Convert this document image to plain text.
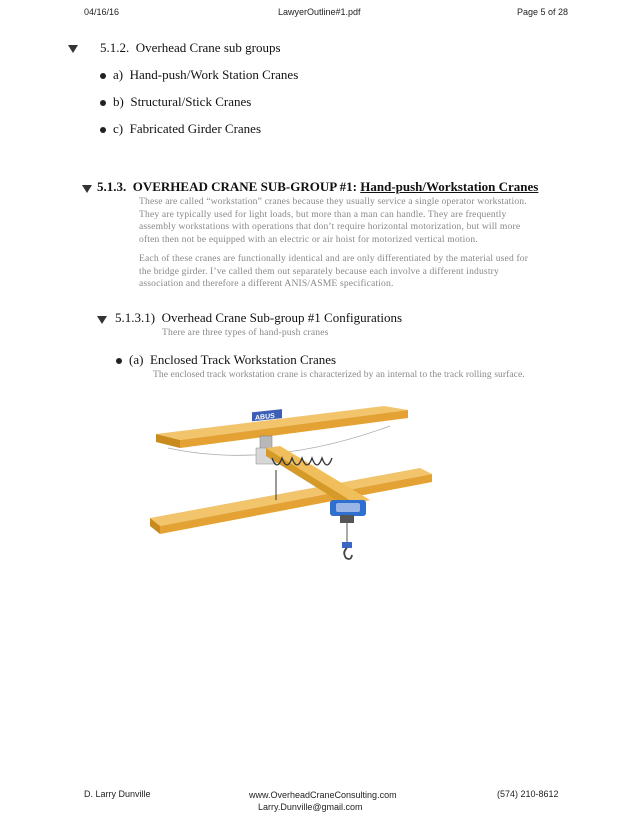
04/16/16	LawyerOutline#1.pdf	Page 5 of 28
5.1.2. Overhead Crane sub groups
a) Hand-push/Work Station Cranes
b) Structural/Stick Cranes
c) Fabricated Girder Cranes
5.1.3. OVERHEAD CRANE SUB-GROUP #1: Hand-push/Workstation Cranes
These are called “workstation” cranes because they usually service a single operator workstation.
They are typically used for light loads, but more than a man can handle. They are frequently
assembly workstations with operations that don’t require horizontal motorization, but will more
often then not be equipped with an electric or air hoist for motorized vertical motion.
Each of these cranes are functionally identical and are only differentiated by the material used for
the bridge girder. I’ve called them out separately because each involve a different industry
association and therefore a different ANIS/ASME specification.
5.1.3.1) Overhead Crane Sub-group #1 Configurations
There are three types of hand-push cranes
(a) Enclosed Track Workstation Cranes
The enclosed track workstation crane is characterized by an internal to the track rolling surface.
ABUS
D. Larry Dunville	www.OverheadCraneConsulting.com
Larry.Dunville@gmail.com
(574) 210-8612
